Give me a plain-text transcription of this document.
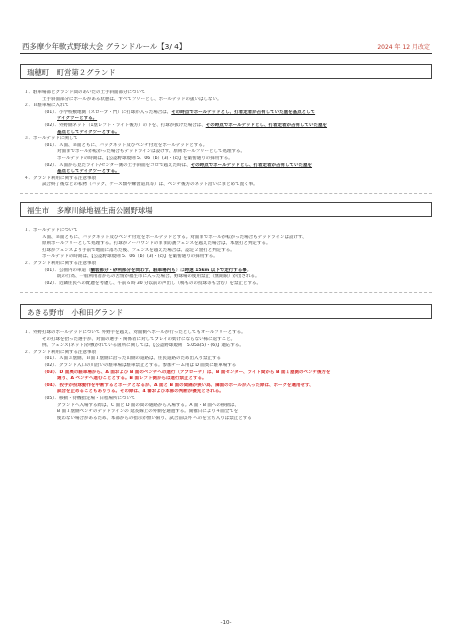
西多摩少年軟式野球大会 グランドルール【3/ 4】	2024 年 12 月改定
瑞穂町　町営第２グランド
１．駐車場部とグランド間のあいだの土手斜面部分について
土手斜面部分にボールがある状態は、すべてフリーとし、ボールデッドの扱いはしない。
２．Ｂ駐車場に入れて
（01）．小学校敷地側（スロープ・門）に打球が入った場合は、その時点でボールデッドとし、打者走者が占有していた塁を基点として
テイクツーとする。
（02）．外野側ネット（1塁レフト・ライト後方）の下を、打球が抜けた場合は、その時点でボールデッドとし、打者走者が占有していた塁を
基点としてテイクツーとする。
３．ボールデッドに関して
（01）．Ａ面、Ｂ面ともに、バックネット及びベンチ付近をボールデッドとする。
対面までボールが転がった場合もデッドラインは設けず、原則ボールフリーとして処理する。
ボールデッドの時期は、【公認野球規則 5．06（b）(3)・(c)】を厳密通りの採用する。
（02）．Ａ面から見たライト/センター側の土手斜面をゴロで越えた時は、その時点でボールデッドとし、打者走者が占有していた塁を
基点としてテイクツーとする。
４．グランド利用に関する注意事項
試合終了後などの私物（バッグ、ケース類や練習道具等）は、ベンチ後方のネット沿いにまとめて置く事。
福生市　多摩川緑地福生南公園野球場
１．ボールデッドについて
Ａ面、Ｂ面ともに、バックネット及びベンチ付近をボールデッドとする。対面までボールが転がった場合もデッドラインは設けず、
原則ボールフリーとして処理する。打球がノーバウンドのまま防護フェンスを越えた場合は、本塁打と判定する。
打球がフェンスより手前で地面に落ちた後、フェンスを越えた場合は、認定２塁打と判定する。
ボールデッドの時期は、【公認野球規則 5．06（b）(3)・(c)】を厳密通りの採用する。
２．グランド利用に関する注意事項
（01）．公園内の車道（舗装部分・砂利部分を問わず、駐車場内も）は時速 15km 以下で走行する事。
既の行為、一般利用者からの苦情が福生市に入った場合、野球場の使用禁止（無期限）が出される。
（02）．近隣住民への配慮を考慮し、午前６時 30 分以前の声出し（鳴ものの投球等も含む）を禁止とする。
あきる野市　小和田グランド
１．外野打球のボールデッドについて 外野芋を越え、対面側へボールが行ったとしてもオールフリーとする。
その打球を拾った選手が、対面の選手・関係者に対してプレイの妨げにならない様に返すこと。
例。フェンス(ネット)が敷かれている箇所に関しては、【公認野球規則　5.05a(5)・(6)】適応する。
２．グランド利用に関する注意事項
（01）．Ａ面３塁側、Ｂ面１塁側に沿った山側の道路は、住民道路のため出入り禁止する
（02）．グランド入口の川沿いの駐車場は駐車禁止とする。参加チーム用は D 面奥に駐車場する
（03）．D 面奥の駐車場から、A 面および B 面のベンチへの進行（アプローチ）は、B 面センター、ライト間から B 面１塁側のベンチ後方を
通り、A ベンチへ進むこととする。B 面レフト側からは進行禁止とする。
（04）．投手が投球動作を中断するとボークとなるが、A 面と B 面の間隔が狭い為、隣面のボールが入った際は、ボークを適用せず、
試合を止めることもありうる。その際は、4 審および本部の判断が優先とされる。
（05）．移動・待機指定場・日程場所について
グランドへ入場する際は、C 面と D 面の間の通路から入場する。A 面・B 面への移動は、
B 面１塁側ベンチのデッドラインの 延長線上の外側を通過する。開催日により４面全てを
使わない場合があるため、本部からの指示が無い限り、試合前以外 へのを立ち入りは禁止とする
-10-
